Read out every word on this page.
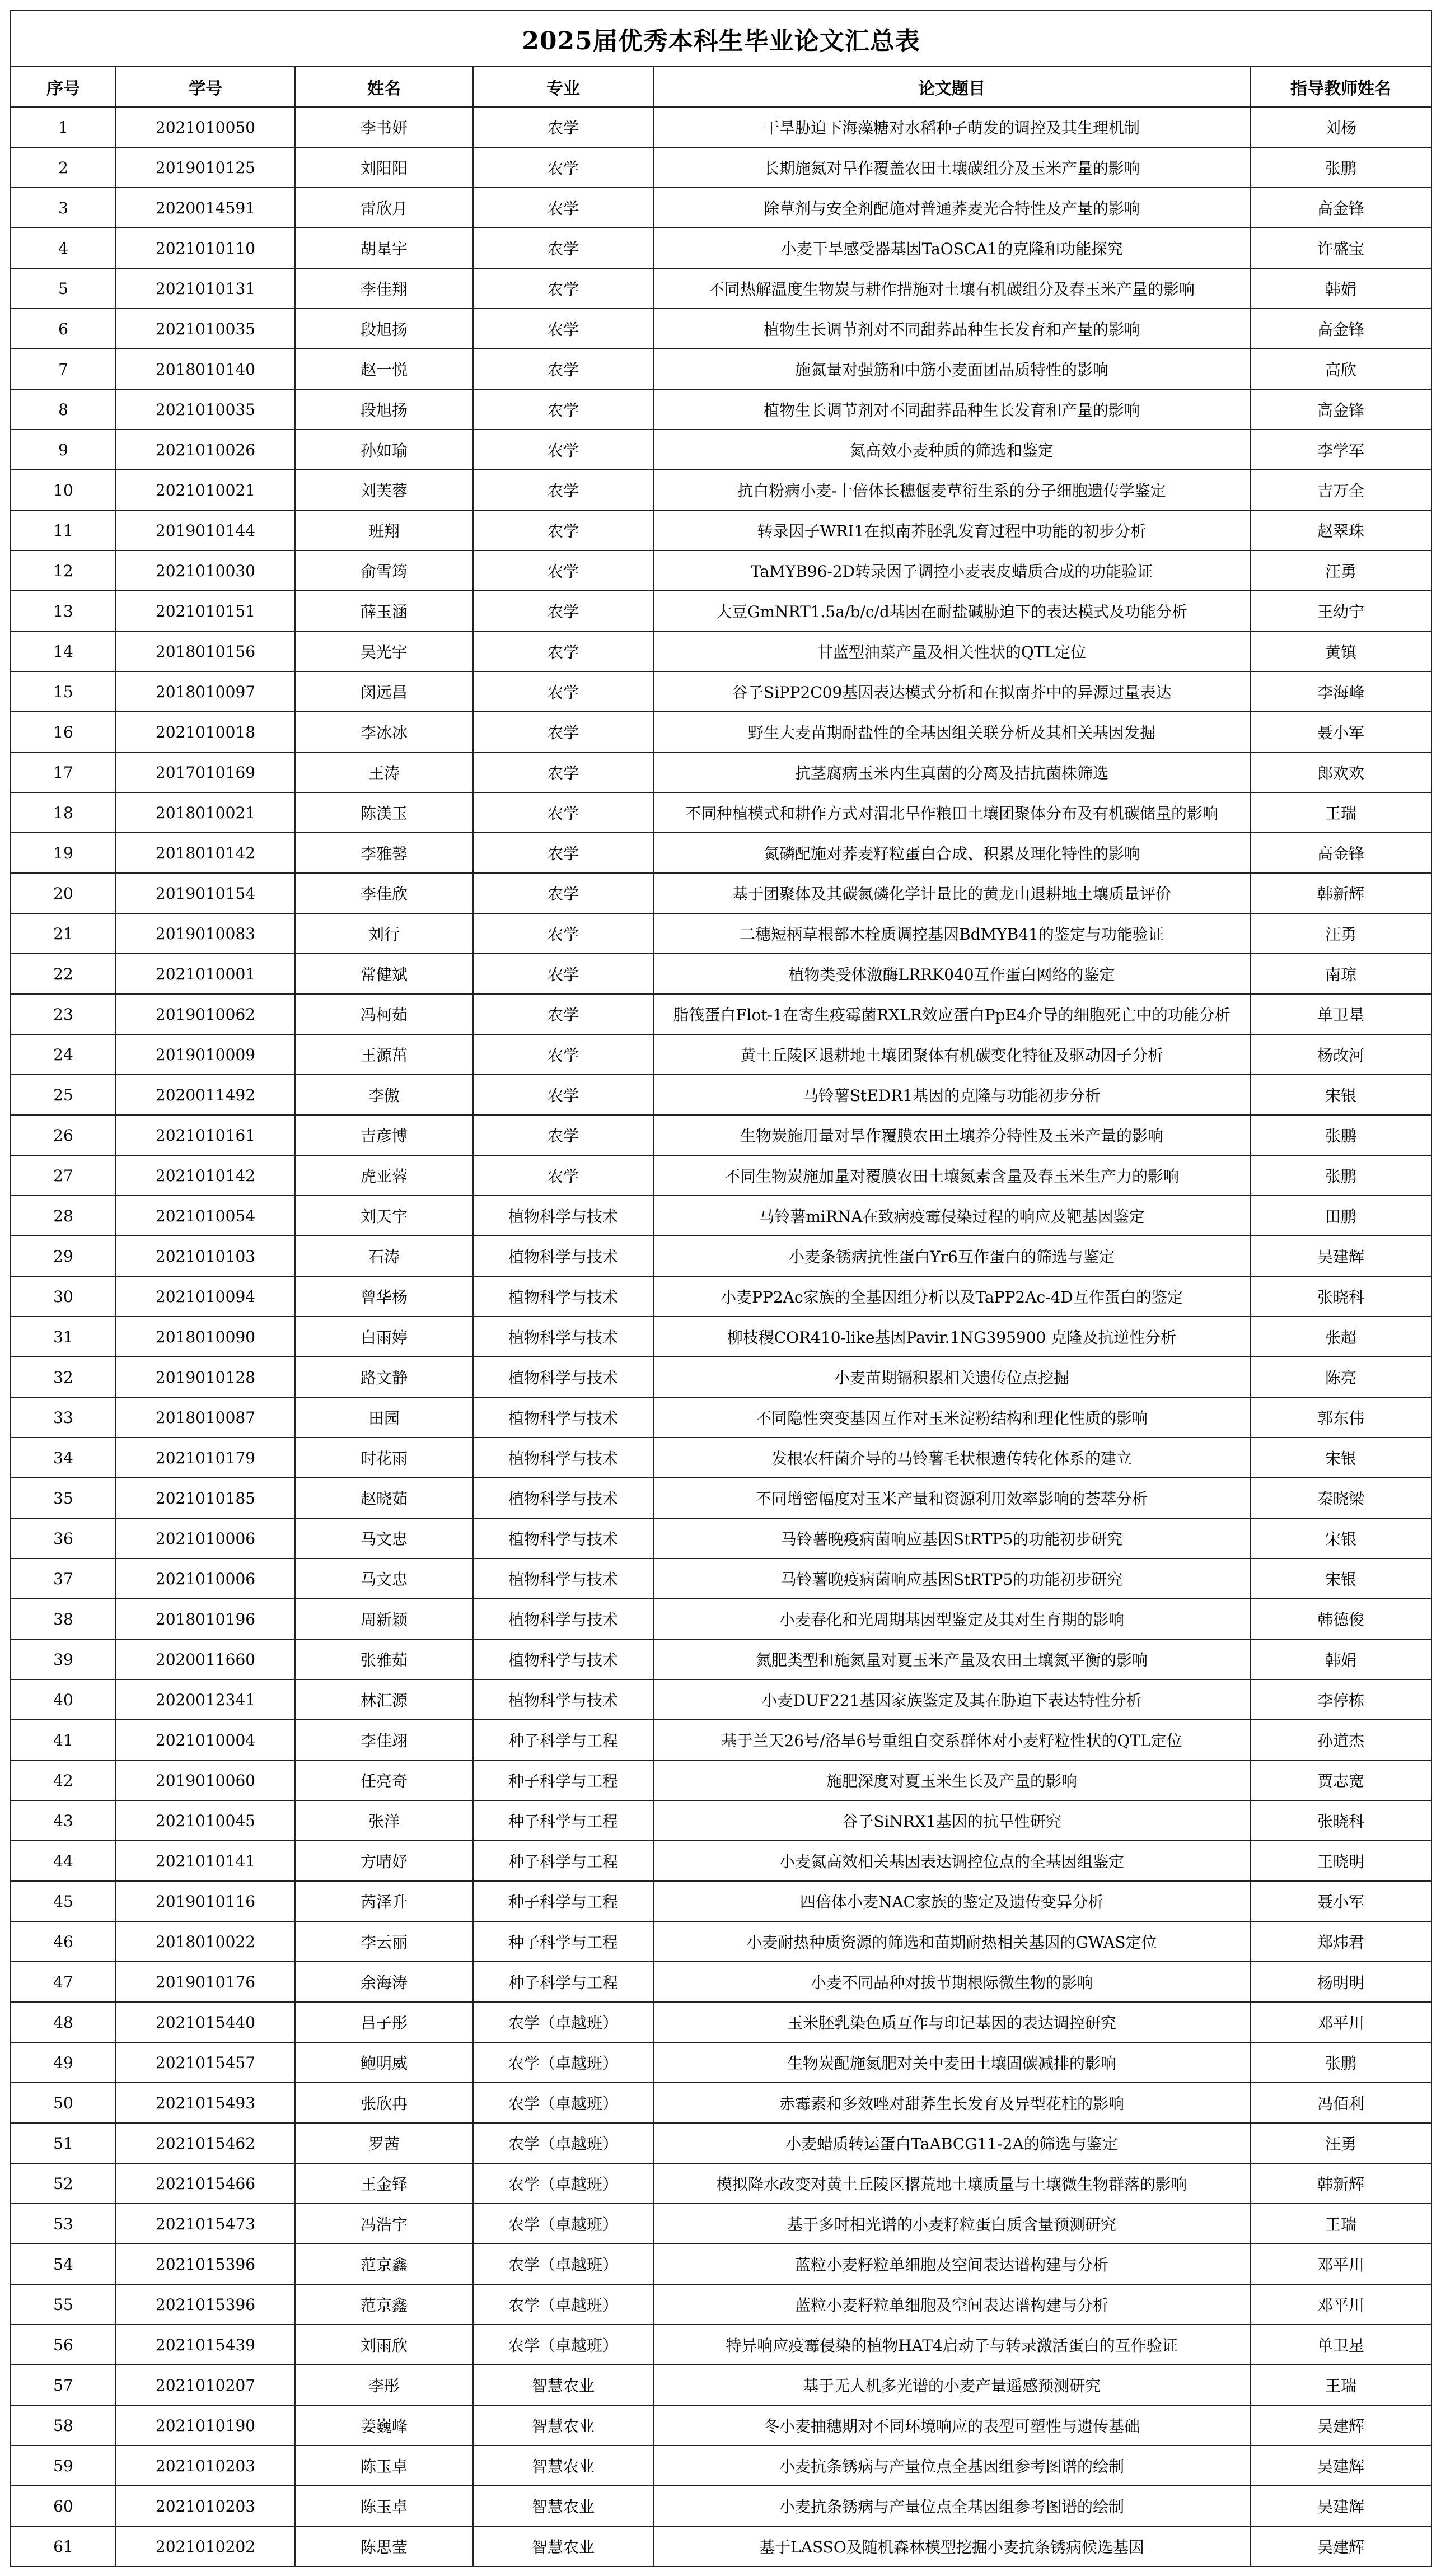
2025届优秀本科生毕业论文汇总表					
序号	学号	姓名	专业	论文题目	指导教师姓名
1	2021010050	李书妍	农学	干旱胁迫下海藻糖对水稻种子萌发的调控及其生理机制	刘杨
2	2019010125	刘阳阳	农学	长期施氮对旱作覆盖农田土壤碳组分及玉米产量的影响	张鹏
3	2020014591	雷欣月	农学	除草剂与安全剂配施对普通荞麦光合特性及产量的影响	高金锋
4	2021010110	胡星宇	农学	小麦干旱感受器基因TaOSCA1的克隆和功能探究	许盛宝
5	2021010131	李佳翔	农学	不同热解温度生物炭与耕作措施对土壤有机碳组分及春玉米产量的影响	韩娟
6	2021010035	段旭扬	农学	植物生长调节剂对不同甜荞品种生长发育和产量的影响	高金锋
7	2018010140	赵一悦	农学	施氮量对强筋和中筋小麦面团品质特性的影响	高欣
8	2021010035	段旭扬	农学	植物生长调节剂对不同甜荞品种生长发育和产量的影响	高金锋
9	2021010026	孙如瑜	农学	氮高效小麦种质的筛选和鉴定	李学军
10	2021010021	刘芙蓉	农学	抗白粉病小麦-十倍体长穗偃麦草衍生系的分子细胞遗传学鉴定	吉万全
11	2019010144	班翔	农学	转录因子WRI1在拟南芥胚乳发育过程中功能的初步分析	赵翠珠
12	2021010030	俞雪筠	农学	TaMYB96-2D转录因子调控小麦表皮蜡质合成的功能验证	汪勇
13	2021010151	薛玉涵	农学	大豆GmNRT1.5a/b/c/d基因在耐盐碱胁迫下的表达模式及功能分析	王幼宁
14	2018010156	吴光宇	农学	甘蓝型油菜产量及相关性状的QTL定位	黄镇
15	2018010097	闵远昌	农学	谷子SiPP2C09基因表达模式分析和在拟南芥中的异源过量表达	李海峰
16	2021010018	李冰冰	农学	野生大麦苗期耐盐性的全基因组关联分析及其相关基因发掘	聂小军
17	2017010169	王涛	农学	抗茎腐病玉米内生真菌的分离及拮抗菌株筛选	郎欢欢
18	2018010021	陈渼玉	农学	不同种植模式和耕作方式对渭北旱作粮田土壤团聚体分布及有机碳储量的影响	王瑞
19	2018010142	李雅馨	农学	氮磷配施对荞麦籽粒蛋白合成、积累及理化特性的影响	高金锋
20	2019010154	李佳欣	农学	基于团聚体及其碳氮磷化学计量比的黄龙山退耕地土壤质量评价	韩新辉
21	2019010083	刘行	农学	二穗短柄草根部木栓质调控基因BdMYB41的鉴定与功能验证	汪勇
22	2021010001	常健斌	农学	植物类受体激酶LRRK040互作蛋白网络的鉴定	南琼
23	2019010062	冯柯茹	农学	脂筏蛋白Flot-1在寄生疫霉菌RXLR效应蛋白PpE4介导的细胞死亡中的功能分析	单卫星
24	2019010009	王源茁	农学	黄土丘陵区退耕地土壤团聚体有机碳变化特征及驱动因子分析	杨改河
25	2020011492	李傲	农学	马铃薯StEDR1基因的克隆与功能初步分析	宋银
26	2021010161	吉彦博	农学	生物炭施用量对旱作覆膜农田土壤养分特性及玉米产量的影响	张鹏
27	2021010142	虎亚蓉	农学	不同生物炭施加量对覆膜农田土壤氮素含量及春玉米生产力的影响	张鹏
28	2021010054	刘天宇	植物科学与技术	马铃薯miRNA在致病疫霉侵染过程的响应及靶基因鉴定	田鹏
29	2021010103	石涛	植物科学与技术	小麦条锈病抗性蛋白Yr6互作蛋白的筛选与鉴定	吴建辉
30	2021010094	曾华杨	植物科学与技术	小麦PP2Ac家族的全基因组分析以及TaPP2Ac-4D互作蛋白的鉴定	张晓科
31	2018010090	白雨婷	植物科学与技术	柳枝稷COR410-like基因Pavir.1NG395900 克隆及抗逆性分析	张超
32	2019010128	路文静	植物科学与技术	小麦苗期镉积累相关遗传位点挖掘	陈亮
33	2018010087	田园	植物科学与技术	不同隐性突变基因互作对玉米淀粉结构和理化性质的影响	郭东伟
34	2021010179	时花雨	植物科学与技术	发根农杆菌介导的马铃薯毛状根遗传转化体系的建立	宋银
35	2021010185	赵晓茹	植物科学与技术	不同增密幅度对玉米产量和资源利用效率影响的荟萃分析	秦晓梁
36	2021010006	马文忠	植物科学与技术	马铃薯晚疫病菌响应基因StRTP5的功能初步研究	宋银
37	2021010006	马文忠	植物科学与技术	马铃薯晚疫病菌响应基因StRTP5的功能初步研究	宋银
38	2018010196	周新颖	植物科学与技术	小麦春化和光周期基因型鉴定及其对生育期的影响	韩德俊
39	2020011660	张雅茹	植物科学与技术	氮肥类型和施氮量对夏玉米产量及农田土壤氮平衡的影响	韩娟
40	2020012341	林汇源	植物科学与技术	小麦DUF221基因家族鉴定及其在胁迫下表达特性分析	李停栋
41	2021010004	李佳翊	种子科学与工程	基于兰天26号/洛旱6号重组自交系群体对小麦籽粒性状的QTL定位	孙道杰
42	2019010060	任亮奇	种子科学与工程	施肥深度对夏玉米生长及产量的影响	贾志宽
43	2021010045	张洋	种子科学与工程	谷子SiNRX1基因的抗旱性研究	张晓科
44	2021010141	方晴妤	种子科学与工程	小麦氮高效相关基因表达调控位点的全基因组鉴定	王晓明
45	2019010116	芮泽升	种子科学与工程	四倍体小麦NAC家族的鉴定及遗传变异分析	聂小军
46	2018010022	李云丽	种子科学与工程	小麦耐热种质资源的筛选和苗期耐热相关基因的GWAS定位	郑炜君
47	2019010176	余海涛	种子科学与工程	小麦不同品种对拔节期根际微生物的影响	杨明明
48	2021015440	吕子彤	农学（卓越班）	玉米胚乳染色质互作与印记基因的表达调控研究	邓平川
49	2021015457	鲍明威	农学（卓越班）	生物炭配施氮肥对关中麦田土壤固碳减排的影响	张鹏
50	2021015493	张欣冉	农学（卓越班）	赤霉素和多效唑对甜荞生长发育及异型花柱的影响	冯佰利
51	2021015462	罗茜	农学（卓越班）	小麦蜡质转运蛋白TaABCG11-2A的筛选与鉴定	汪勇
52	2021015466	王金铎	农学（卓越班）	模拟降水改变对黄土丘陵区撂荒地土壤质量与土壤微生物群落的影响	韩新辉
53	2021015473	冯浩宇	农学（卓越班）	基于多时相光谱的小麦籽粒蛋白质含量预测研究	王瑞
54	2021015396	范京鑫	农学（卓越班）	蓝粒小麦籽粒单细胞及空间表达谱构建与分析	邓平川
55	2021015396	范京鑫	农学（卓越班）	蓝粒小麦籽粒单细胞及空间表达谱构建与分析	邓平川
56	2021015439	刘雨欣	农学（卓越班）	特异响应疫霉侵染的植物HAT4启动子与转录激活蛋白的互作验证	单卫星
57	2021010207	李彤	智慧农业	基于无人机多光谱的小麦产量遥感预测研究	王瑞
58	2021010190	姜巍峰	智慧农业	冬小麦抽穗期对不同环境响应的表型可塑性与遗传基础	吴建辉
59	2021010203	陈玉卓	智慧农业	小麦抗条锈病与产量位点全基因组参考图谱的绘制	吴建辉
60	2021010203	陈玉卓	智慧农业	小麦抗条锈病与产量位点全基因组参考图谱的绘制	吴建辉
61	2021010202	陈思莹	智慧农业	基于LASSO及随机森林模型挖掘小麦抗条锈病候选基因	吴建辉
